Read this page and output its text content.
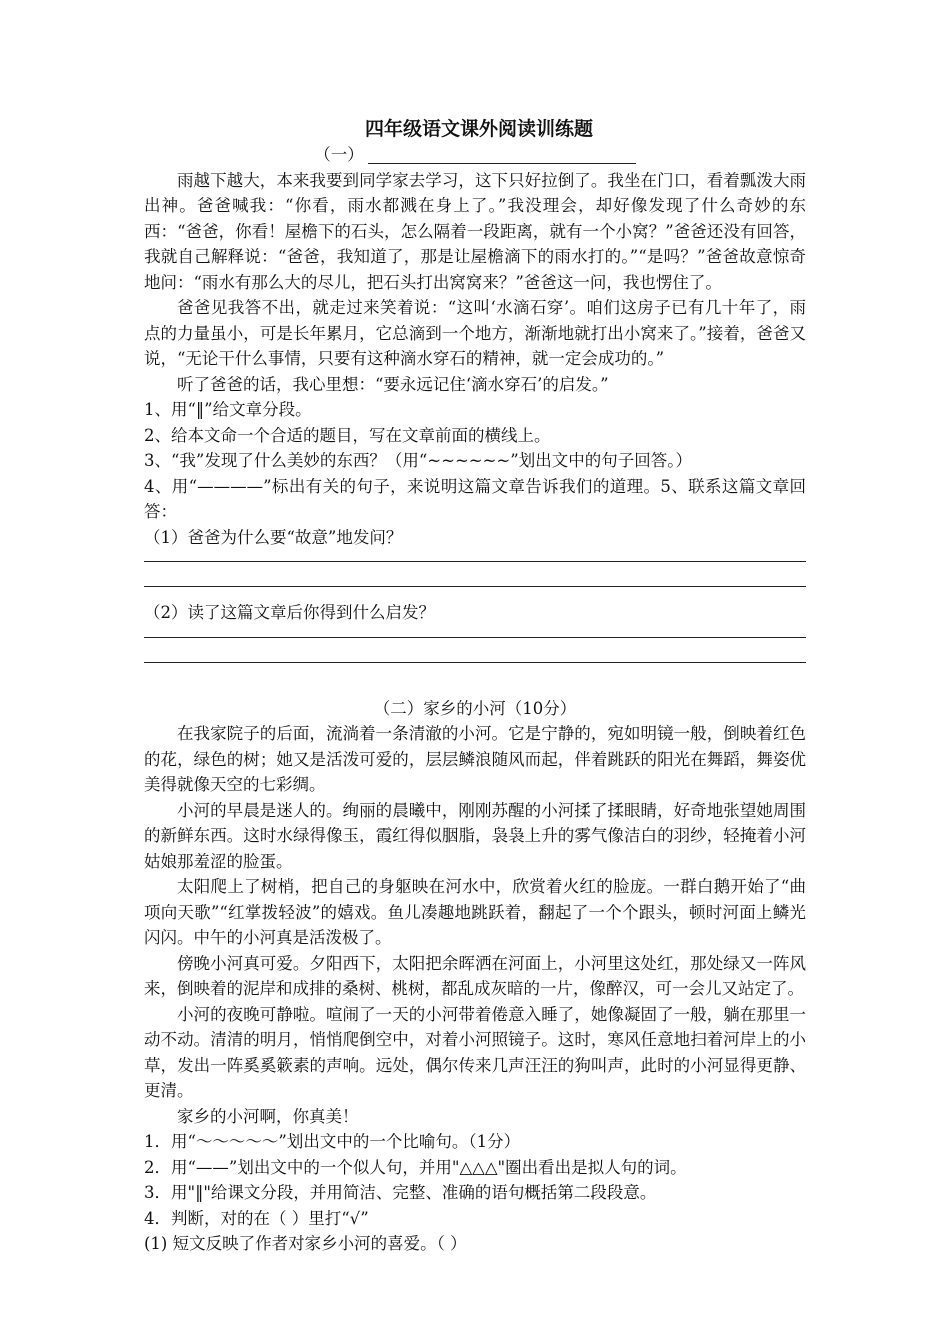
四年级语文课外阅读训练题
（一）

雨越下越大，本来我要到同学家去学习，这下只好拉倒了。我坐在门口，看着瓢泼大雨出神。爸爸喊我：“你看，雨水都溅在身上了。”我没理会，却好像发现了什么奇妙的东西：“爸爸，你看！屋檐下的石头，怎么隔着一段距离，就有一个小窝？”爸爸还没有回答，我就自己解释说：“爸爸，我知道了，那是让屋檐滴下的雨水打的。”“是吗？”爸爸故意惊奇地问：“雨水有那么大的尽儿，把石头打出窝窝来？”爸爸这一问，我也愣住了。

爸爸见我答不出，就走过来笑着说：“这叫‘水滴石穿’。咱们这房子已有几十年了，雨点的力量虽小，可是长年累月，它总滴到一个地方，渐渐地就打出小窝来了。”接着，爸爸又说，“无论干什么事情，只要有这种滴水穿石的精神，就一定会成功的。”

听了爸爸的话，我心里想：“要永远记住‘滴水穿石’的启发。”

1、用“‖”给文章分段。

2、给本文命一个合适的题目，写在文章前面的横线上。

3、“我”发现了什么美妙的东西？（用“~~~~~~”划出文中的句子回答。）

4、用“————”标出有关的句子，来说明这篇文章告诉我们的道理。5、联系这篇文章回答：

（1）爸爸为什么要“故意”地发问？

（2）读了这篇文章后你得到什么启发？

（二）家乡的小河（10分）

在我家院子的后面，流淌着一条清澈的小河。它是宁静的，宛如明镜一般，倒映着红色的花，绿色的树；她又是活泼可爱的，层层鳞浪随风而起，伴着跳跃的阳光在舞蹈，舞姿优美得就像天空的七彩绸。

小河的早晨是迷人的。绚丽的晨曦中，刚刚苏醒的小河揉了揉眼睛，好奇地张望她周围的新鲜东西。这时水绿得像玉，霞红得似胭脂，袅袅上升的雾气像洁白的羽纱，轻掩着小河姑娘那羞涩的脸蛋。

太阳爬上了树梢，把自己的身躯映在河水中，欣赏着火红的脸庞。一群白鹅开始了“曲项向天歌”“红掌拨轻波”的嬉戏。鱼儿凑趣地跳跃着，翻起了一个个跟头，顿时河面上鳞光闪闪。中午的小河真是活泼极了。

傍晚小河真可爱。夕阳西下，太阳把余晖洒在河面上，小河里这处红，那处绿又一阵风来，倒映着的泥岸和成排的桑树、桃树，都乱成灰暗的一片，像醉汉，可一会儿又站定了。

小河的夜晚可静啦。喧闹了一天的小河带着倦意入睡了，她像凝固了一般，躺在那里一动不动。清清的明月，悄悄爬倒空中，对着小河照镜子。这时，寒风任意地扫着河岸上的小草，发出一阵奚奚簌素的声响。远处，偶尔传来几声汪汪的狗叫声，此时的小河显得更静、更清。

家乡的小河啊，你真美！

1．用“～～～～～”划出文中的一个比喻句。（1分）

2．用“——”划出文中的一个似人句，并用"△△△"圈出看出是拟人句的词。

3．用"‖"给课文分段，并用简洁、完整、准确的语句概括第二段段意。

4．判断，对的在（ ）里打“√”

(1) 短文反映了作者对家乡小河的喜爱。（ ）
